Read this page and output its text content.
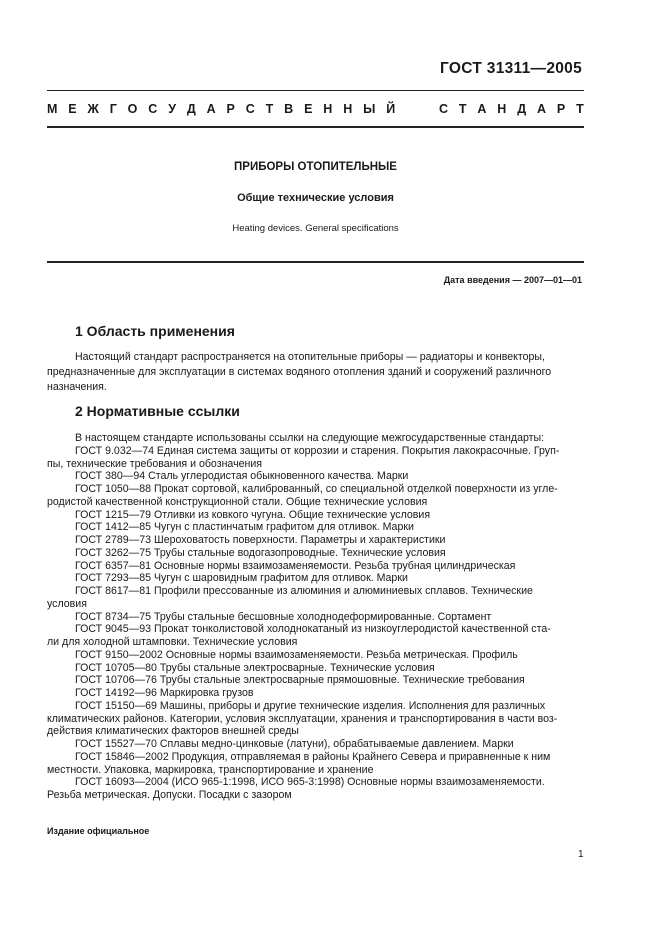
ГОСТ 31311—2005
М Е Ж Г О С У Д А Р С Т В Е Н Н Ы Й	С Т А Н Д А Р Т
ПРИБОРЫ ОТОПИТЕЛЬНЫЕ
Общие технические условия
Heating devices. General specifications
Дата введения — 2007—01—01
1 Область применения
Настоящий стандарт распространяется на отопительные приборы — радиаторы и конвекторы,
предназначенные для эксплуатации в системах водяного отопления зданий и сооружений различного
назначения.
2 Нормативные ссылки
В настоящем стандарте использованы ссылки на следующие межгосударственные стандарты:
ГОСТ 9.032—74 Единая система защиты от коррозии и старения. Покрытия лакокрасочные. Груп-
пы, технические требования и обозначения
ГОСТ 380—94 Сталь углеродистая обыкновенного качества. Марки
ГОСТ 1050—88 Прокат сортовой, калиброванный, со специальной отделкой поверхности из угле-
родистой качественной конструкционной стали. Общие технические условия
ГОСТ 1215—79 Отливки из ковкого чугуна. Общие технические условия
ГОСТ 1412—85 Чугун с пластинчатым графитом для отливок. Марки
ГОСТ 2789—73 Шероховатость поверхности. Параметры и характеристики
ГОСТ 3262—75 Трубы стальные водогазопроводные. Технические условия
ГОСТ 6357—81 Основные нормы взаимозаменяемости. Резьба трубная цилиндрическая
ГОСТ 7293—85 Чугун с шаровидным графитом для отливок. Марки
ГОСТ 8617—81 Профили прессованные из алюминия и алюминиевых сплавов. Технические
условия
ГОСТ 8734—75 Трубы стальные бесшовные холоднодеформированные. Сортамент
ГОСТ 9045—93 Прокат тонколистовой холоднокатаный из низкоуглеродистой качественной ста-
ли для холодной штамповки. Технические условия
ГОСТ 9150—2002 Основные нормы взаимозаменяемости. Резьба метрическая. Профиль
ГОСТ 10705—80 Трубы стальные электросварные. Технические условия
ГОСТ 10706—76 Трубы стальные электросварные прямошовные. Технические требования
ГОСТ 14192—96 Маркировка грузов
ГОСТ 15150—69 Машины, приборы и другие технические изделия. Исполнения для различных
климатических районов. Категории, условия эксплуатации, хранения и транспортирования в части воз-
действия климатических факторов внешней среды
ГОСТ 15527—70 Сплавы медно-цинковые (латуни), обрабатываемые давлением. Марки
ГОСТ 15846—2002 Продукция, отправляемая в районы Крайнего Севера и приравненные к ним
местности. Упаковка, маркировка, транспортирование и хранение
ГОСТ 16093—2004 (ИСО 965-1:1998, ИСО 965-3:1998) Основные нормы взаимозаменяемости.
Резьба метрическая. Допуски. Посадки с зазором
Издание официальное
1
